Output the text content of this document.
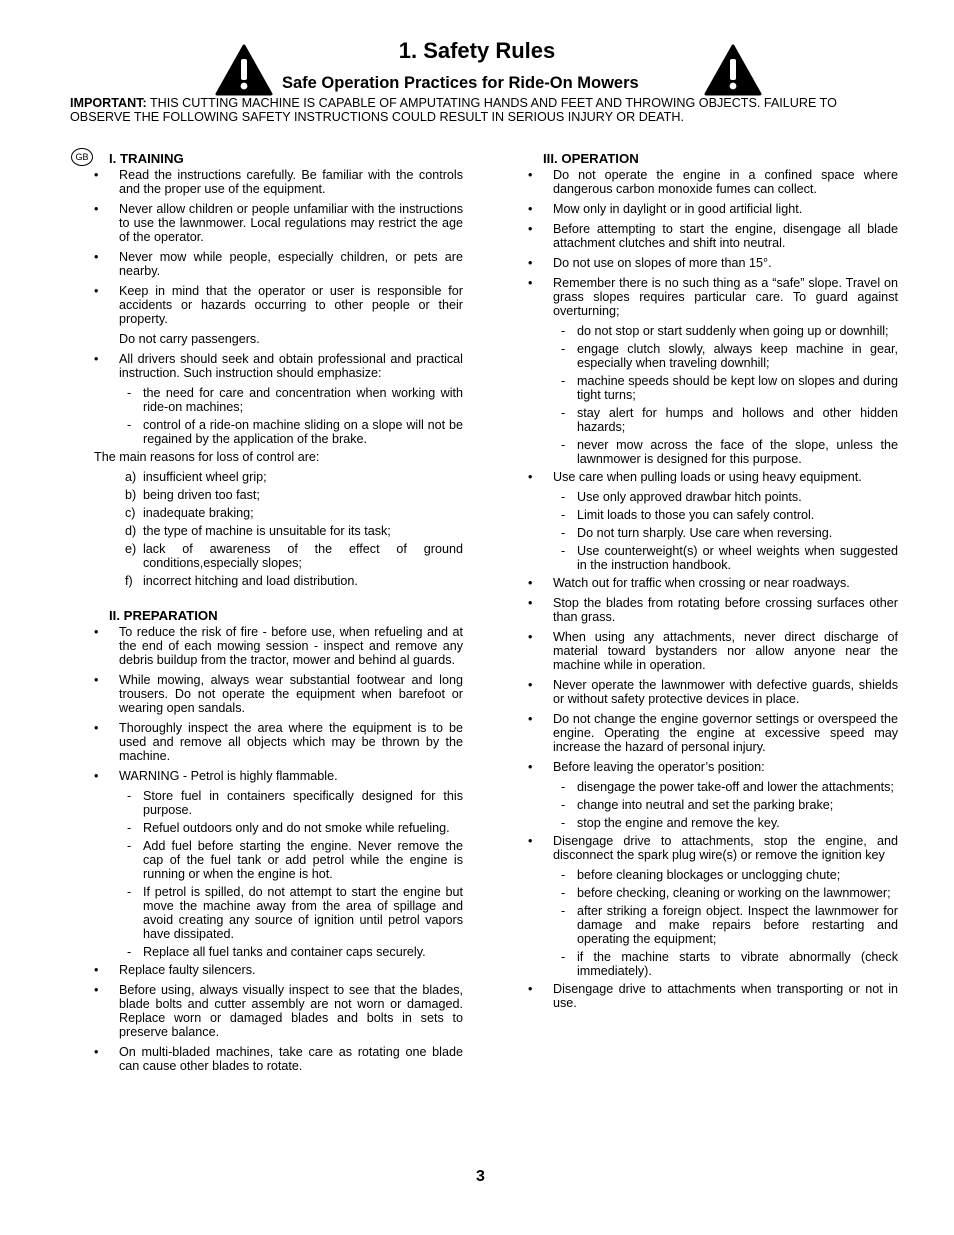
1. Safety Rules
Safe Operation Practices for Ride-On Mowers
IMPORTANT: THIS CUTTING MACHINE IS CAPABLE OF AMPUTATING HANDS AND FEET AND THROWING OBJECTS. FAILURE TO OBSERVE THE FOLLOWING SAFETY INSTRUCTIONS COULD RESULT IN SERIOUS INJURY OR DEATH.
GB	I. TRAINING
• Read the instructions carefully. Be familiar with the controls and the proper use of the equipment.
• Never allow children or people unfamiliar with the instructions to use the lawnmower. Local regulations may restrict the age of the operator.
• Never mow while people, especially children, or pets are nearby.
• Keep in mind that the operator or user is responsible for accidents or hazards occurring to other people or their property.
Do not carry passengers.
• All drivers should seek and obtain professional and practical instruction. Such instruction should emphasize:
- the need for care and concentration when working with ride-on machines;
- control of a ride-on machine sliding on a slope will not be regained by the application of the brake.
The main reasons for loss of control are:
a) insufficient wheel grip;
b) being driven too fast;
c) inadequate braking;
d) the type of machine is unsuitable for its task;
e) lack of awareness of the effect of ground conditions,especially slopes;
f) incorrect hitching and load distribution.
II. PREPARATION
• To reduce the risk of fire - before use, when refueling and at the end of each mowing session - inspect and remove any debris buildup from the tractor, mower and behind al guards.
• While mowing, always wear substantial footwear and long trousers. Do not operate the equipment when barefoot or wearing open sandals.
• Thoroughly inspect the area where the equipment is to be used and remove all objects which may be thrown by the machine.
• WARNING - Petrol is highly flammable.
- Store fuel in containers specifically designed for this purpose.
- Refuel outdoors only and do not smoke while refueling.
- Add fuel before starting the engine. Never remove the cap of the fuel tank or add petrol while the engine is running or when the engine is hot.
- If petrol is spilled, do not attempt to start the engine but move the machine away from the area of spillage and avoid creating any source of ignition until petrol vapors have dissipated.
- Replace all fuel tanks and container caps securely.
• Replace faulty silencers.
• Before using, always visually inspect to see that the blades, blade bolts and cutter assembly are not worn or damaged. Replace worn or damaged blades and bolts in sets to preserve balance.
• On multi-bladed machines, take care as rotating one blade can cause other blades to rotate.
III. OPERATION
• Do not operate the engine in a confined space where dangerous carbon monoxide fumes can collect.
• Mow only in daylight or in good artificial light.
• Before attempting to start the engine, disengage all blade attachment clutches and shift into neutral.
• Do not use on slopes of more than 15°.
• Remember there is no such thing as a “safe” slope. Travel on grass slopes requires particular care. To guard against overturning;
- do not stop or start suddenly when going up or downhill;
- engage clutch slowly, always keep machine in gear, especially when traveling downhill;
- machine speeds should be kept low on slopes and during tight turns;
- stay alert for humps and hollows and other hidden hazards;
- never mow across the face of the slope, unless the lawnmower is designed for this purpose.
• Use care when pulling loads or using heavy equipment.
- Use only approved drawbar hitch points.
- Limit loads to those you can safely control.
- Do not turn sharply. Use care when reversing.
- Use counterweight(s) or wheel weights when suggested in the instruction handbook.
• Watch out for traffic when crossing or near roadways.
• Stop the blades from rotating before crossing surfaces other than grass.
• When using any attachments, never direct discharge of material toward bystanders nor allow anyone near the machine while in operation.
• Never operate the lawnmower with defective guards, shields or without safety protective devices in place.
• Do not change the engine governor settings or overspeed the engine. Operating the engine at excessive speed may increase the hazard of personal injury.
• Before leaving the operator’s position:
- disengage the power take-off and lower the attachments;
- change into neutral and set the parking brake;
- stop the engine and remove the key.
• Disengage drive to attachments, stop the engine, and disconnect the spark plug wire(s) or remove the ignition key
- before cleaning blockages or unclogging chute;
- before checking, cleaning or working on the lawnmower;
- after striking a foreign object. Inspect the lawnmower for damage and make repairs before restarting and operating the equipment;
- if the machine starts to vibrate abnormally (check immediately).
• Disengage drive to attachments when transporting or not in use.
3
